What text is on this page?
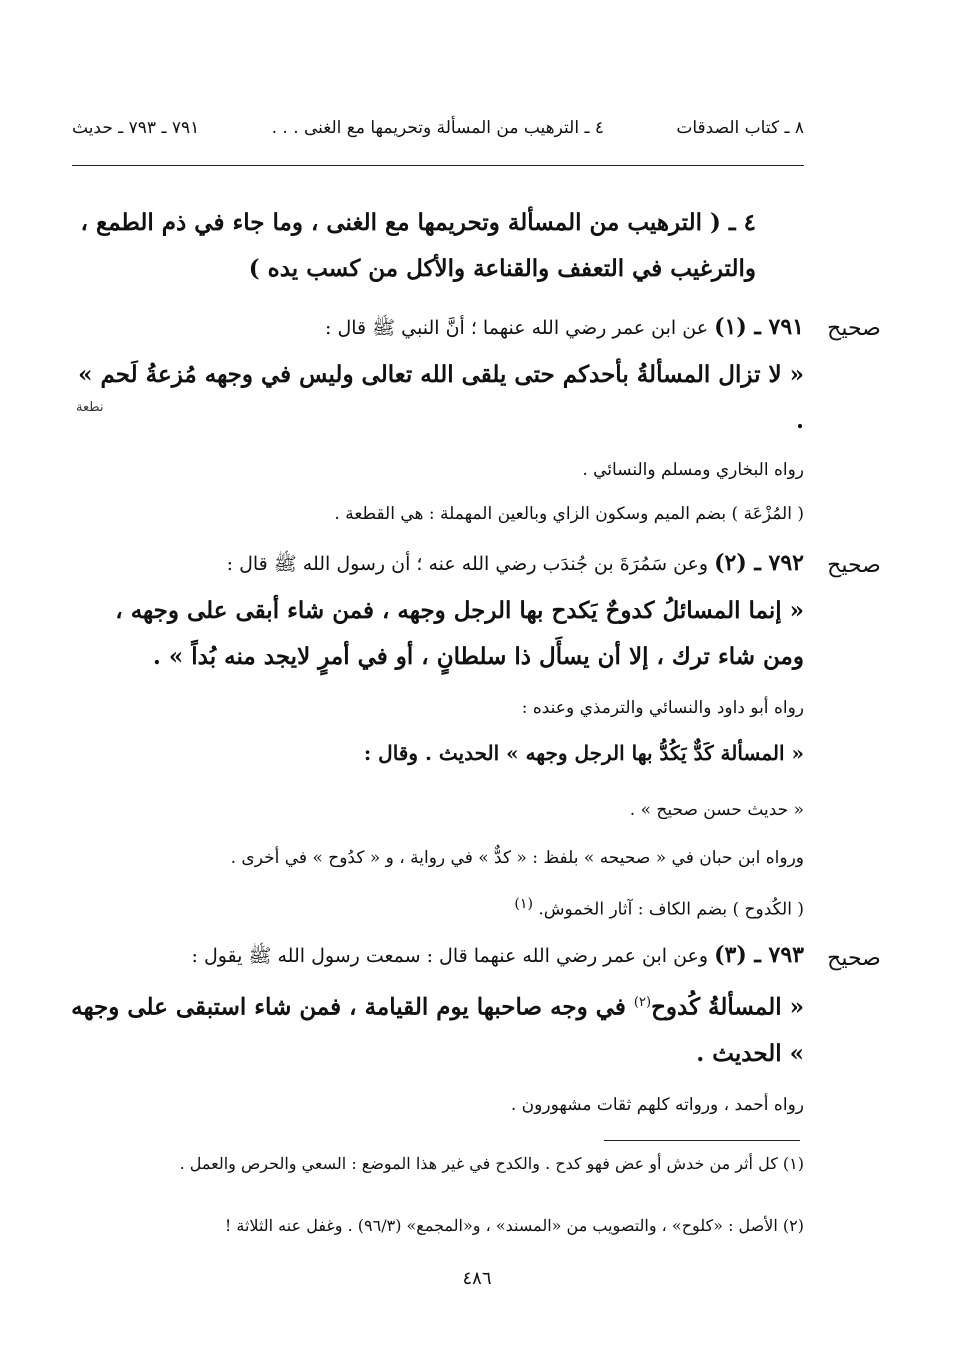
٨ ـ كتاب الصدقات
٤ ـ الترهيب من المسألة وتحريمها مع الغنى . . .
٧٩١ ـ ٧٩٣ ـ حديث
٤ ـ ( الترهيب من المسألة وتحريمها مع الغنى ، وما جاء في ذم الطمع ، والترغيب في التعفف والقناعة والأكل من كسب يده )
صحيح
٧٩١ ـ (١) عن ابن عمر رضي الله عنهما ؛ أنَّ النبي ﷺ قال :
« لا تزال المسألةُ بأحدكم حتى يلقى الله تعالى وليس في وجهه مُزعةُ لَحم » .
نطعة
رواه البخاري ومسلم والنسائي .
( المُزْعَة ) بضم الميم وسكون الزاي وبالعين المهملة : هي القطعة .
صحيح
٧٩٢ ـ (٢) وعن سَمُرَةَ بن جُندَب رضي الله عنه ؛ أن رسول الله ﷺ قال :
« إنما المسائلُ كدوحٌ يَكدح بها الرجل وجهه ، فمن شاء أبقى على وجهه ، ومن شاء ترك ، إلا أن يسأَل ذا سلطانٍ ، أو في أمرٍ لايجد منه بُداً » .
رواه أبو داود والنسائي والترمذي وعنده :
« المسألة كَدٌّ يَكُدُّ بها الرجل وجهه » الحديث . وقال :
« حديث حسن صحيح » .
ورواه ابن حبان في « صحيحه » بلفظ : « كدٌّ » في رواية ، و « كدُوح » في أخرى .
( الكُدوح ) بضم الكاف : آثار الخموش. $^{(١)}$
صحيح
٧٩٣ ـ (٣) وعن ابن عمر رضي الله عنهما قال : سمعت رسول الله ﷺ يقول :
« المسألةُ كُدوح$^{(٢)}$ في وجه صاحبها يوم القيامة ، فمن شاء استبقى على وجهه » الحديث .
رواه أحمد ، ورواته كلهم ثقات مشهورون .
(١) كل أثر من خدش أو عض فهو كدح . والكدح في غير هذا الموضع : السعي والحرص والعمل .
(٢) الأصل : «كلوح» ، والتصويب من «المسند» ، و«المجمع» (٩٦/٣) . وغفل عنه الثلاثة !
٤٨٦
